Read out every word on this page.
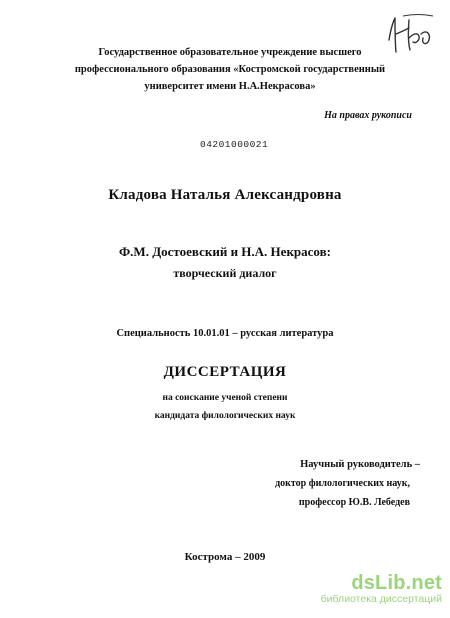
Государственное образовательное учреждение высшего
профессионального образования «Костромской государственный
университет имени Н.А.Некрасова»
На правах рукописи
04201000021
Кладова Наталья Александровна
Ф.М. Достоевский и Н.А. Некрасов:
творческий диалог
Специальность 10.01.01 – русская литература
ДИССЕРТАЦИЯ
на соискание ученой степени
кандидата филологических наук
Научный руководитель –
доктор филологических наук,
профессор Ю.В. Лебедев
Кострома – 2009
dsLib.net
библиотека диссертаций
